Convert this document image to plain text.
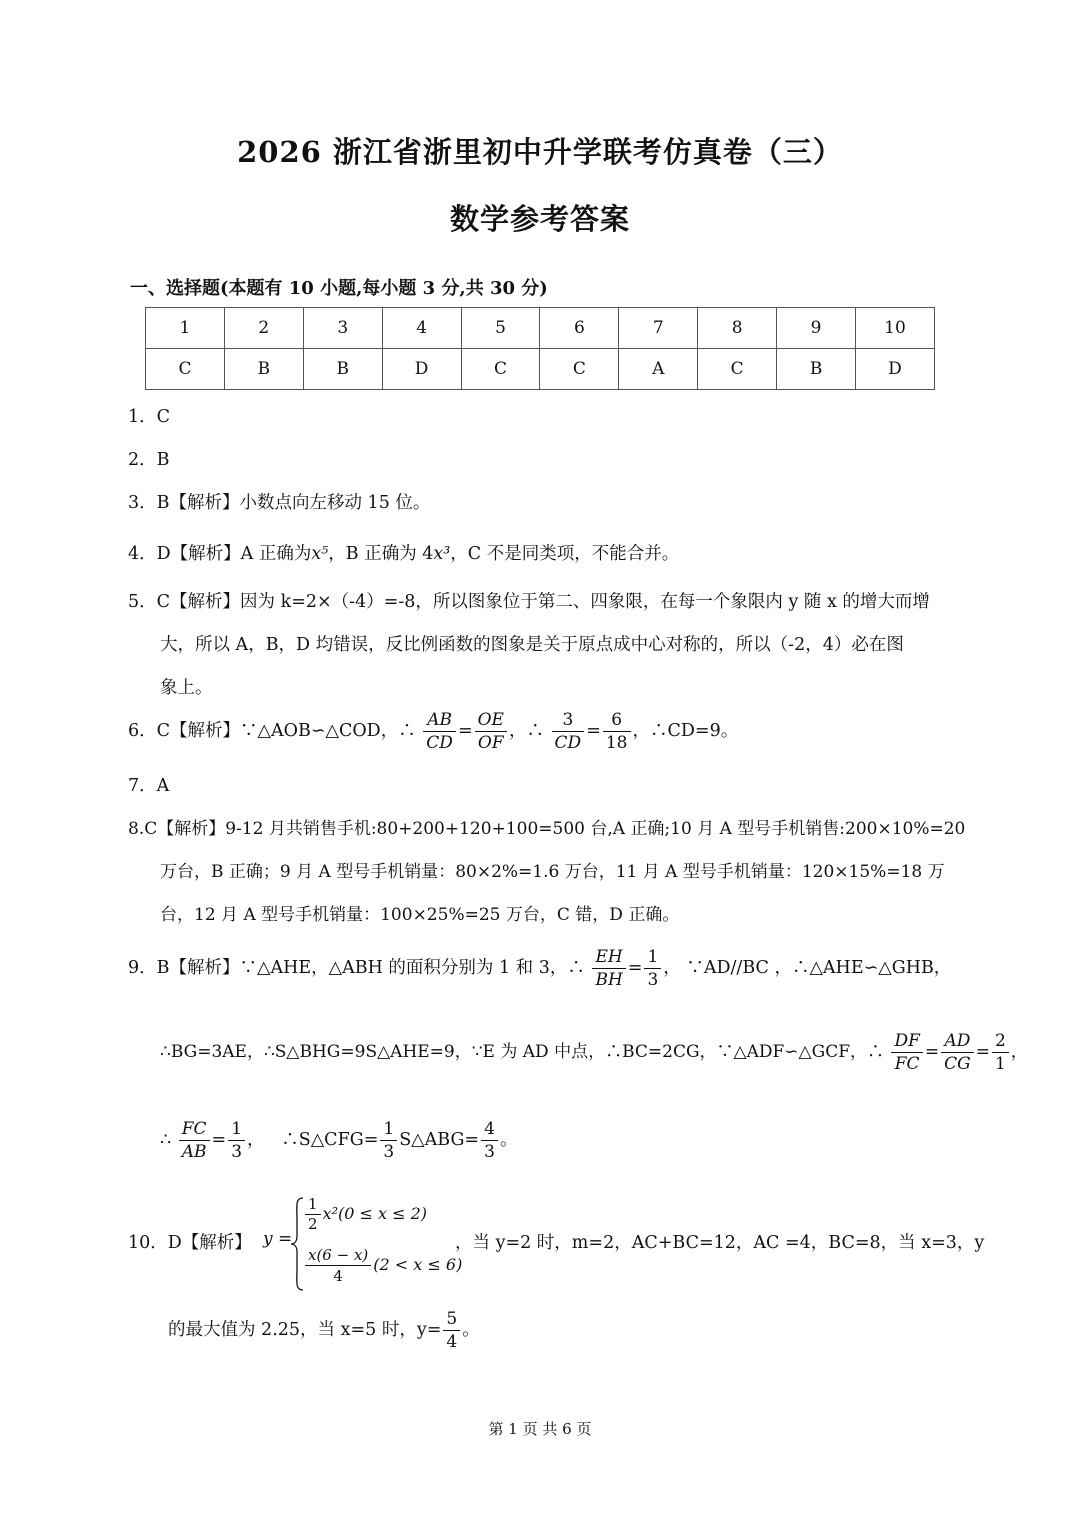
2026 浙江省浙里初中升学联考仿真卷（三）
数学参考答案
一、选择题(本题有 10 小题,每小题 3 分,共 30 分)
1	2	3	4	5	6	7	8	9	10
C	B	B	D	C	C	A	C	B	D
1．C
2．B
3．B【解析】小数点向左移动 15 位。
4．D【解析】A 正确为x⁵，B 正确为 4x³，C 不是同类项，不能合并。
5．C【解析】因为 k=2×（-4）=-8，所以图象位于第二、四象限，在每一个象限内 y 随 x 的增大而增
大，所以 A，B，D 均错误，反比例函数的图象是关于原点成中心对称的，所以（-2，4）必在图
象上。
6．C【解析】∵△AOB∽△COD，∴ $\frac{AB}{CD} = \frac{OE}{OF}$ ，∴ $\frac{3}{CD} = \frac{6}{18}$ ，∴CD=9。
7．A
8.C【解析】9-12 月共销售手机:80+200+120+100=500 台,A 正确;10 月 A 型号手机销售:200×10%=20
万台，B 正确；9 月 A 型号手机销量：80×2%=1.6 万台，11 月 A 型号手机销量：120×15%=18 万
台，12 月 A 型号手机销量：100×25%=25 万台，C 错，D 正确。
9．B【解析】∵△AHE，△ABH 的面积分别为 1 和 3，∴ $\frac{EH}{BH} = \frac{1}{3}$ ， ∵AD//BC ，∴△AHE∽△GHB，
∴BG=3AE，∴S△BHG=9S△AHE=9，∵E 为 AD 中点，∴BC=2CG，∵△ADF∽△GCF，∴ $\frac{DF}{FC} = \frac{AD}{CG} = \frac{2}{1}$ ，
∴ $\frac{FC}{AB} = \frac{1}{3}$ ，   ∴S△CFG= $\frac{1}{3}$ S△ABG= $\frac{4}{3}$ 。
10．D【解析】 y =
$\frac{1}{2} x^2(0 \le x \le 2)$
$\frac{x(6 - x)}{4} (2 < x \le 6)$
，当 y=2 时，m=2，AC+BC=12，AC =4，BC=8，当 x=3，y
的最大值为 2.25，当 x=5 时，$y= \frac{5}{4}$ 。
第 1 页 共 6 页
